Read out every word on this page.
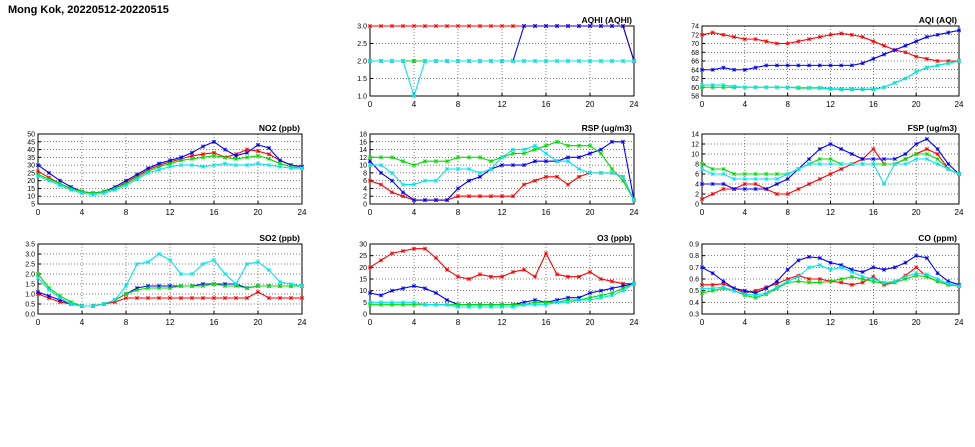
Mong Kok, 20220512-20220515
1.0
1.5
2.0
2.5
3.0
0	4	8	12	16	20	24
AQHI (AQHI)
58
60
62
64
66
68
70
72
74
0	4	8	12	16	20	24
AQI (AQI)
5
10
15
20
25
30
35
40
45
50
0	4	8	12	16	20	24
NO2 (ppb)
0
2
4
6
8
10
12
14
16
18
0	4	8	12	16	20	24
RSP (ug/m3)
0
2
4
6
8
10
12
14
0	4	8	12	16	20	24
FSP (ug/m3)
0.0
0.5
1.0
1.5
2.0
2.5
3.0
3.5
0	4	8	12	16	20	24
SO2 (ppb)
0
5
10
15
20
25
30
0	4	8	12	16	20	24
O3 (ppb)
0.3
0.4
0.5
0.6
0.7
0.8
0.9
0	4	8	12	16	20	24
CO (ppm)
